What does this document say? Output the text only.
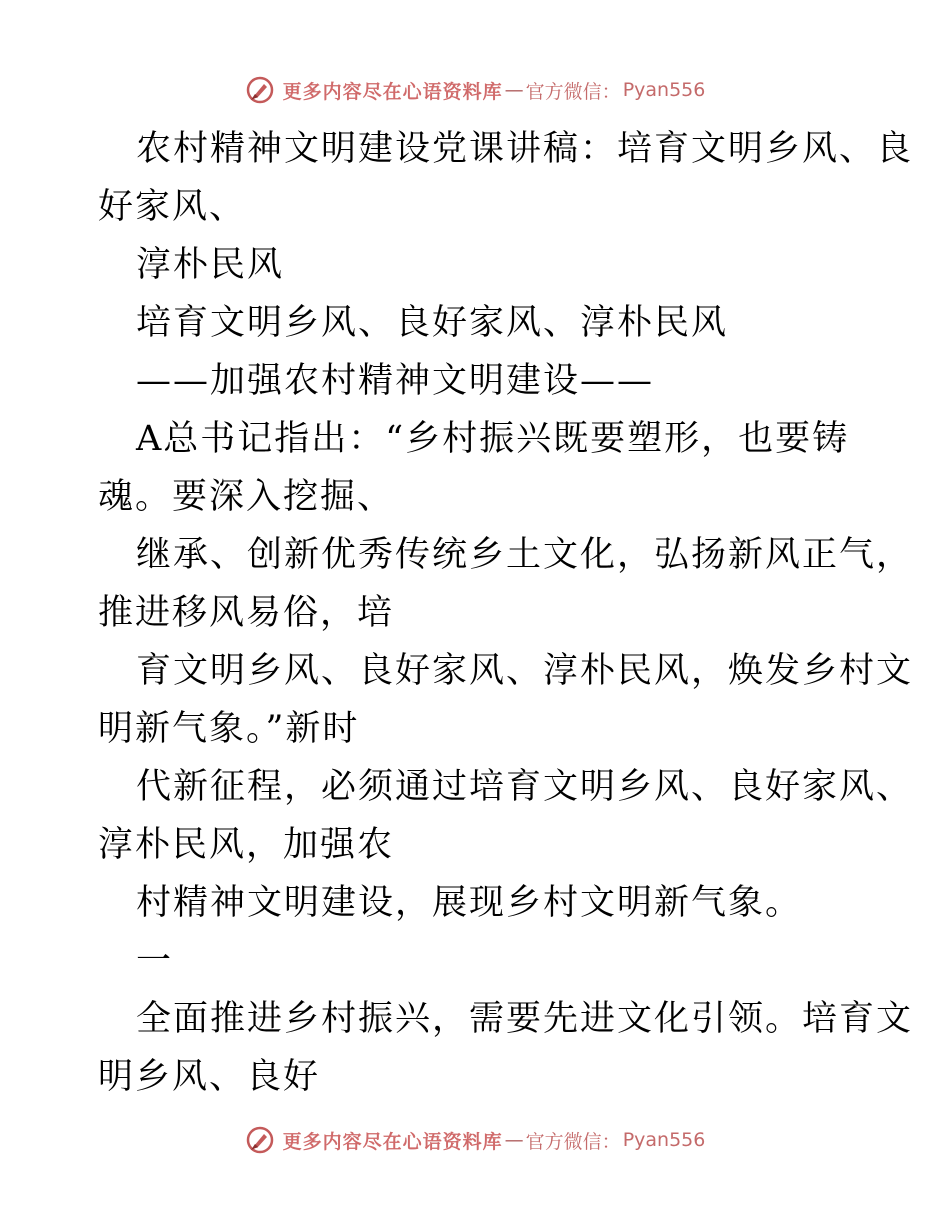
更多内容尽在心语资料库 — 官方微信： Pyan556
农村精神文明建设党课讲稿：培育文明乡风、良
好家风、
淳朴民风
培育文明乡风、良好家风、淳朴民风
——加强农村精神文明建设——
A总书记指出：“乡村振兴既要塑形，也要铸
魂。要深入挖掘、
继承、创新优秀传统乡土文化，弘扬新风正气，
推进移风易俗，培
育文明乡风、良好家风、淳朴民风，焕发乡村文
明新气象。”新时
代新征程，必须通过培育文明乡风、良好家风、
淳朴民风，加强农
村精神文明建设，展现乡村文明新气象。
一
全面推进乡村振兴，需要先进文化引领。培育文
明乡风、良好
更多内容尽在心语资料库 — 官方微信： Pyan556
